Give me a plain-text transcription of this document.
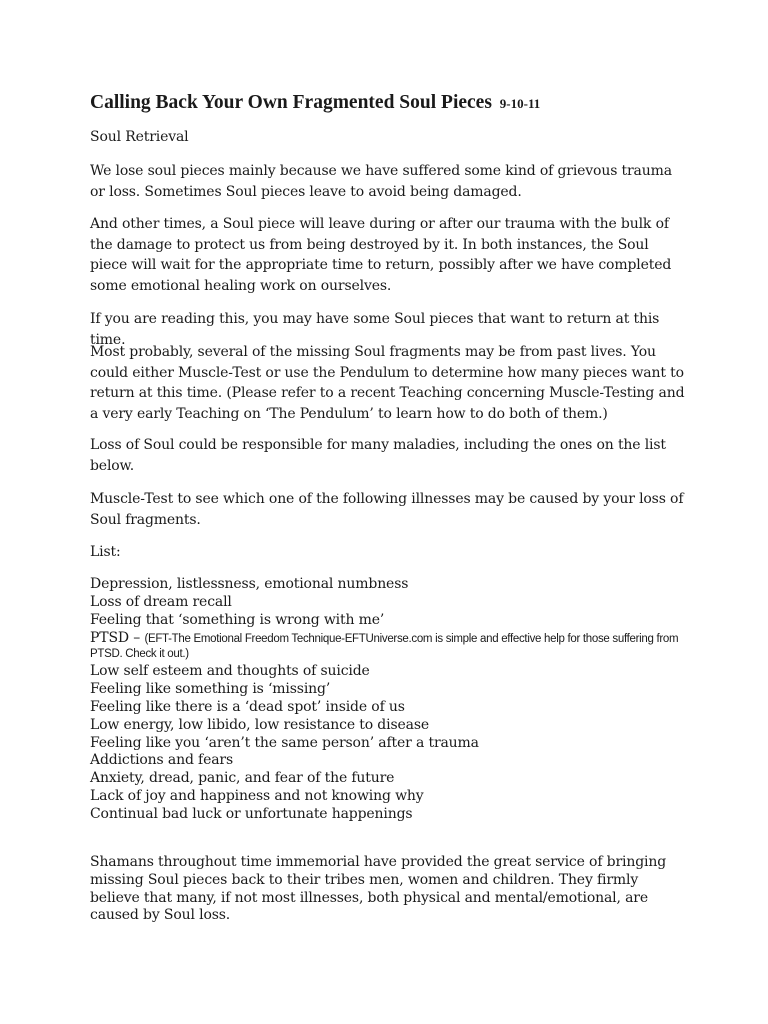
Calling Back Your Own Fragmented Soul Pieces 9-10-11

Soul Retrieval

We lose soul pieces mainly because we have suffered some kind of grievous trauma or loss. Sometimes Soul pieces leave to avoid being damaged.

And other times, a Soul piece will leave during or after our trauma with the bulk of the damage to protect us from being destroyed by it. In both instances, the Soul piece will wait for the appropriate time to return, possibly after we have completed some emotional healing work on ourselves.

If you are reading this, you may have some Soul pieces that want to return at this time.

Most probably, several of the missing Soul fragments may be from past lives. You could either Muscle-Test or use the Pendulum to determine how many pieces want to return at this time. (Please refer to a recent Teaching concerning Muscle-Testing and a very early Teaching on ‘The Pendulum’ to learn how to do both of them.)

Loss of Soul could be responsible for many maladies, including the ones on the list below.

Muscle-Test to see which one of the following illnesses may be caused by your loss of Soul fragments.

List:

Depression, listlessness, emotional numbness
Loss of dream recall
Feeling that ‘something is wrong with me’
PTSD – (EFT-The Emotional Freedom Technique-EFTUniverse.com is simple and effective help for those suffering from PTSD. Check it out.)
Low self esteem and thoughts of suicide
Feeling like something is ‘missing’
Feeling like there is a ‘dead spot’ inside of us
Low energy, low libido, low resistance to disease
Feeling like you ‘aren’t the same person’ after a trauma
Addictions and fears
Anxiety, dread, panic, and fear of the future
Lack of joy and happiness and not knowing why
Continual bad luck or unfortunate happenings

Shamans throughout time immemorial have provided the great service of bringing missing Soul pieces back to their tribes men, women and children. They firmly believe that many, if not most illnesses, both physical and mental/emotional, are caused by Soul loss.
